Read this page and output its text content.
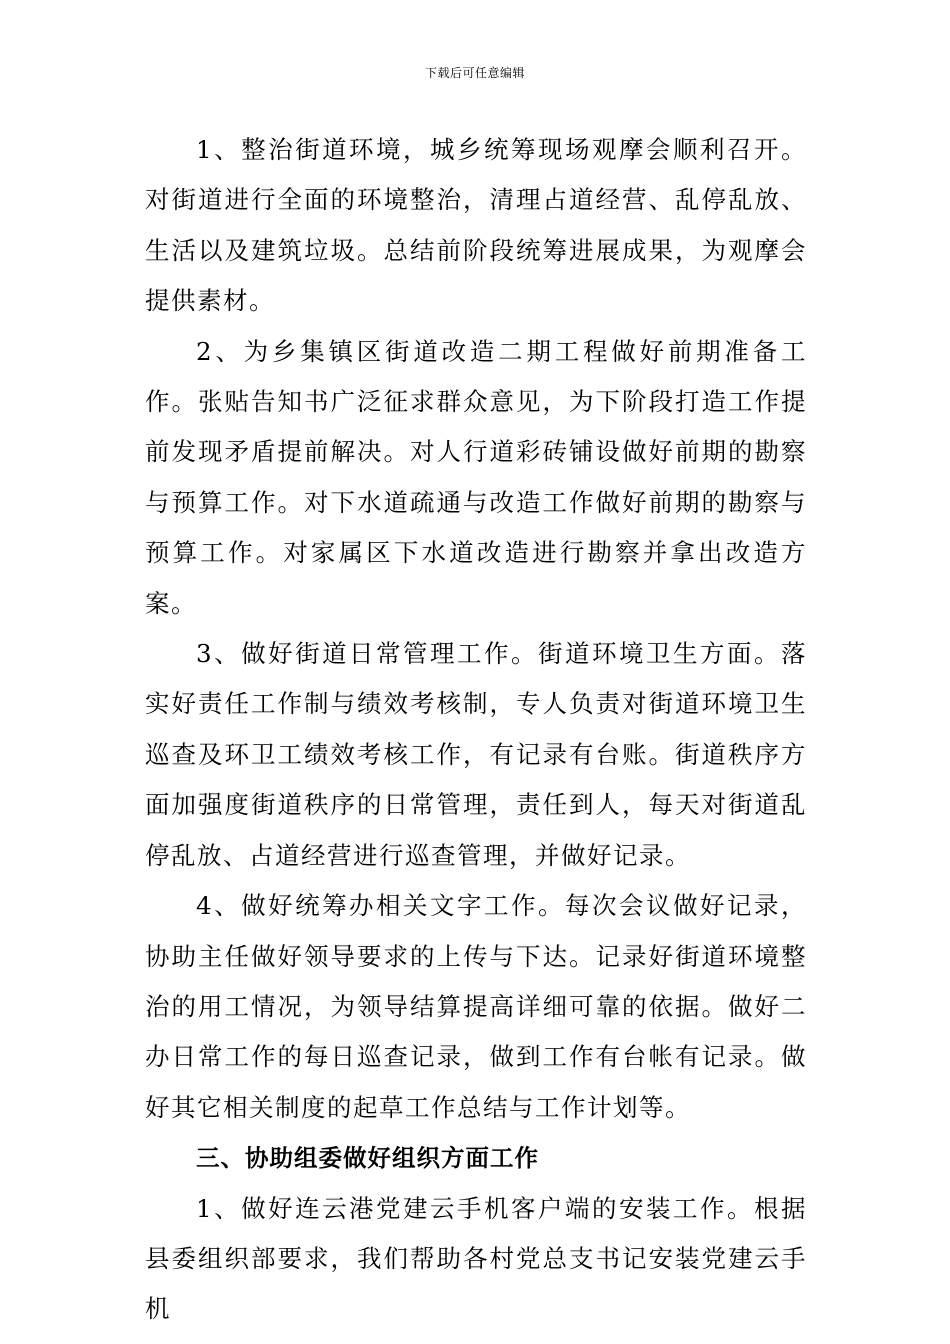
下载后可任意编辑

1、整治街道环境，城乡统筹现场观摩会顺利召开。对街道进行全面的环境整治，清理占道经营、乱停乱放、生活以及建筑垃圾。总结前阶段统筹进展成果，为观摩会提供素材。

2、为乡集镇区街道改造二期工程做好前期准备工作。张贴告知书广泛征求群众意见，为下阶段打造工作提前发现矛盾提前解决。对人行道彩砖铺设做好前期的勘察与预算工作。对下水道疏通与改造工作做好前期的勘察与预算工作。对家属区下水道改造进行勘察并拿出改造方案。

3、做好街道日常管理工作。街道环境卫生方面。落实好责任工作制与绩效考核制，专人负责对街道环境卫生巡查及环卫工绩效考核工作，有记录有台账。街道秩序方面加强度街道秩序的日常管理，责任到人，每天对街道乱停乱放、占道经营进行巡查管理，并做好记录。

4、做好统筹办相关文字工作。每次会议做好记录，协助主任做好领导要求的上传与下达。记录好街道环境整治的用工情况，为领导结算提高详细可靠的依据。做好二办日常工作的每日巡查记录，做到工作有台帐有记录。做好其它相关制度的起草工作总结与工作计划等。

三、协助组委做好组织方面工作

1、做好连云港党建云手机客户端的安装工作。根据县委组织部要求，我们帮助各村党总支书记安装党建云手机
